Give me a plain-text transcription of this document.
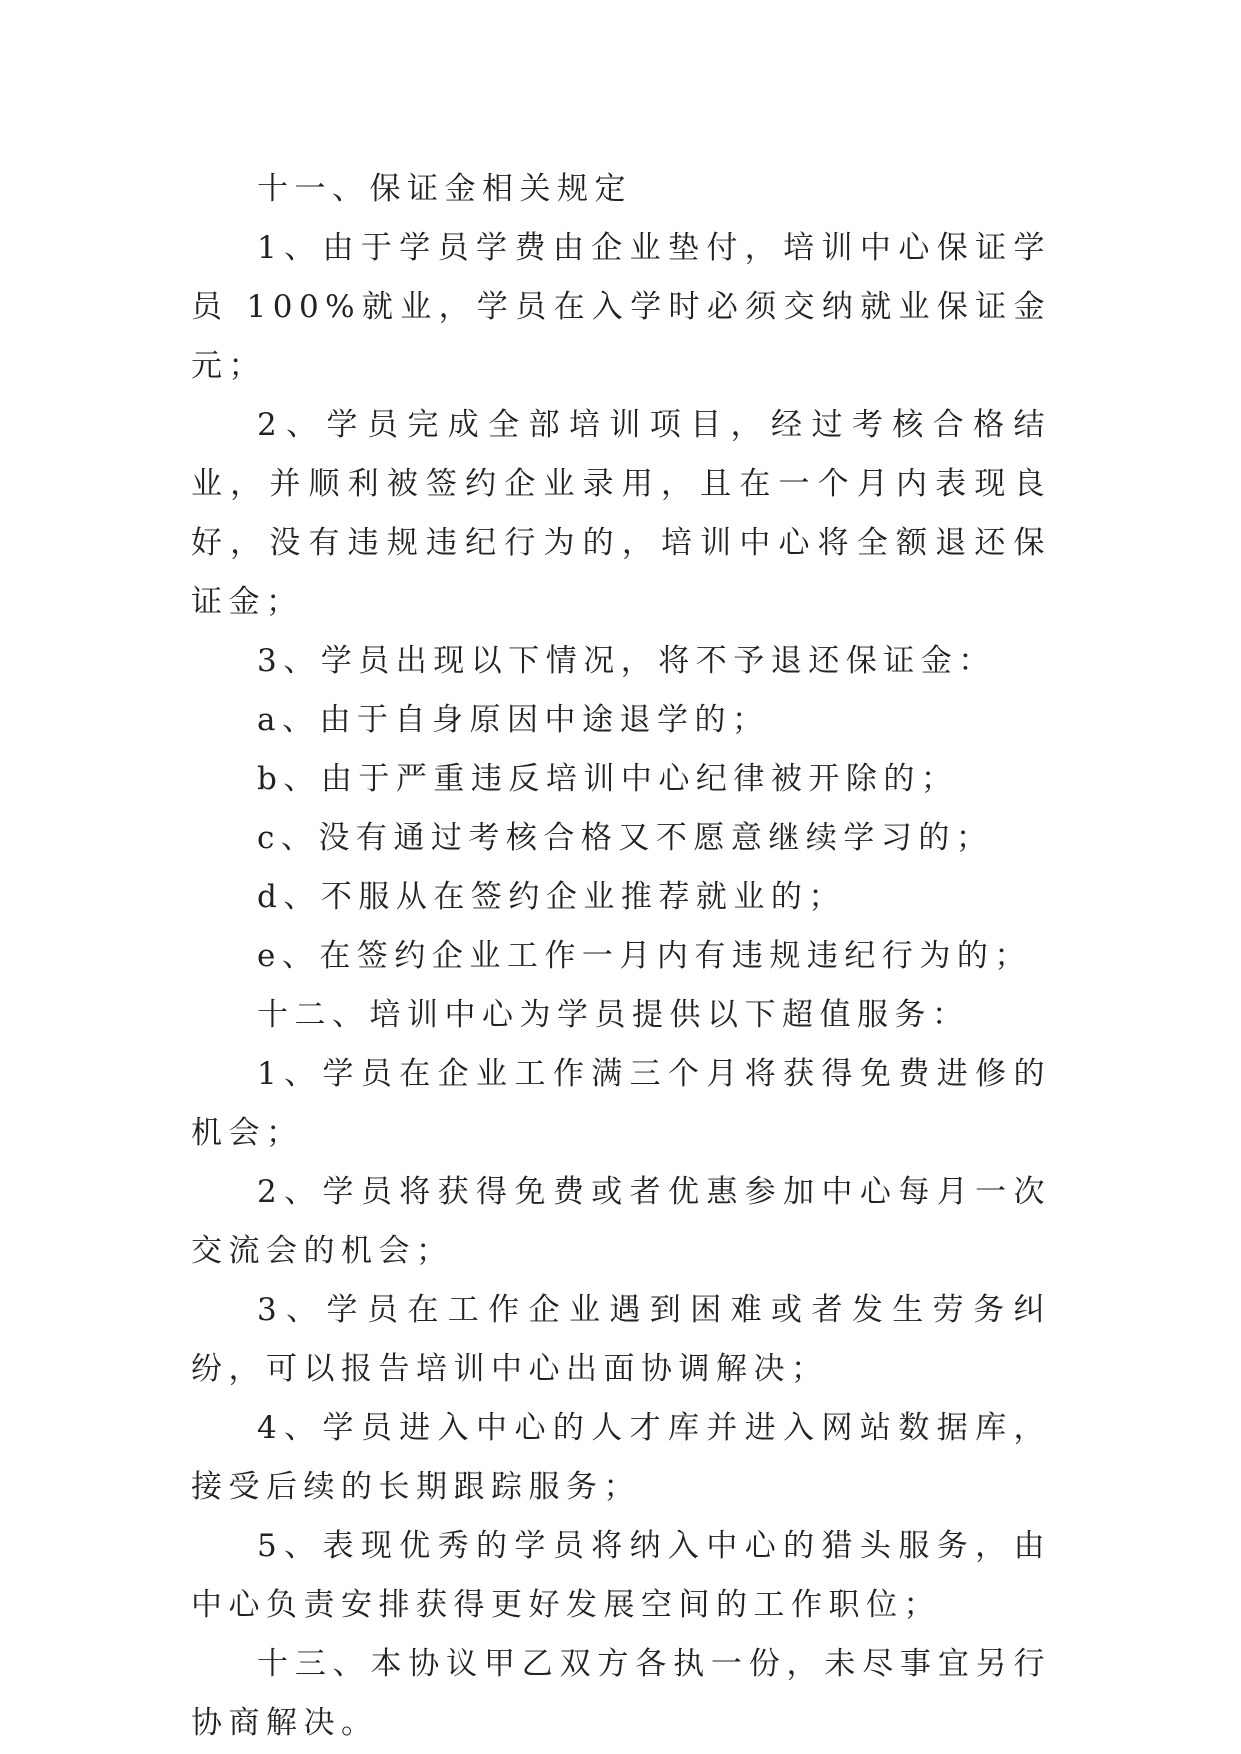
十一、保证金相关规定

1、由于学员学费由企业垫付，培训中心保证学员 100%就业，学员在入学时必须交纳就业保证金 元；

2、学员完成全部培训项目，经过考核合格结业，并顺利被签约企业录用，且在一个月内表现良好，没有违规违纪行为的，培训中心将全额退还保证金；

3、学员出现以下情况，将不予退还保证金：

a、由于自身原因中途退学的；

b、由于严重违反培训中心纪律被开除的；

c、没有通过考核合格又不愿意继续学习的；

d、不服从在签约企业推荐就业的；

e、在签约企业工作一月内有违规违纪行为的；

十二、培训中心为学员提供以下超值服务：

1、学员在企业工作满三个月将获得免费进修的机会；

2、学员将获得免费或者优惠参加中心每月一次交流会的机会；

3、学员在工作企业遇到困难或者发生劳务纠纷，可以报告培训中心出面协调解决；

4、学员进入中心的人才库并进入网站数据库，接受后续的长期跟踪服务；

5、表现优秀的学员将纳入中心的猎头服务，由中心负责安排获得更好发展空间的工作职位；

十三、本协议甲乙双方各执一份，未尽事宜另行协商解决。
